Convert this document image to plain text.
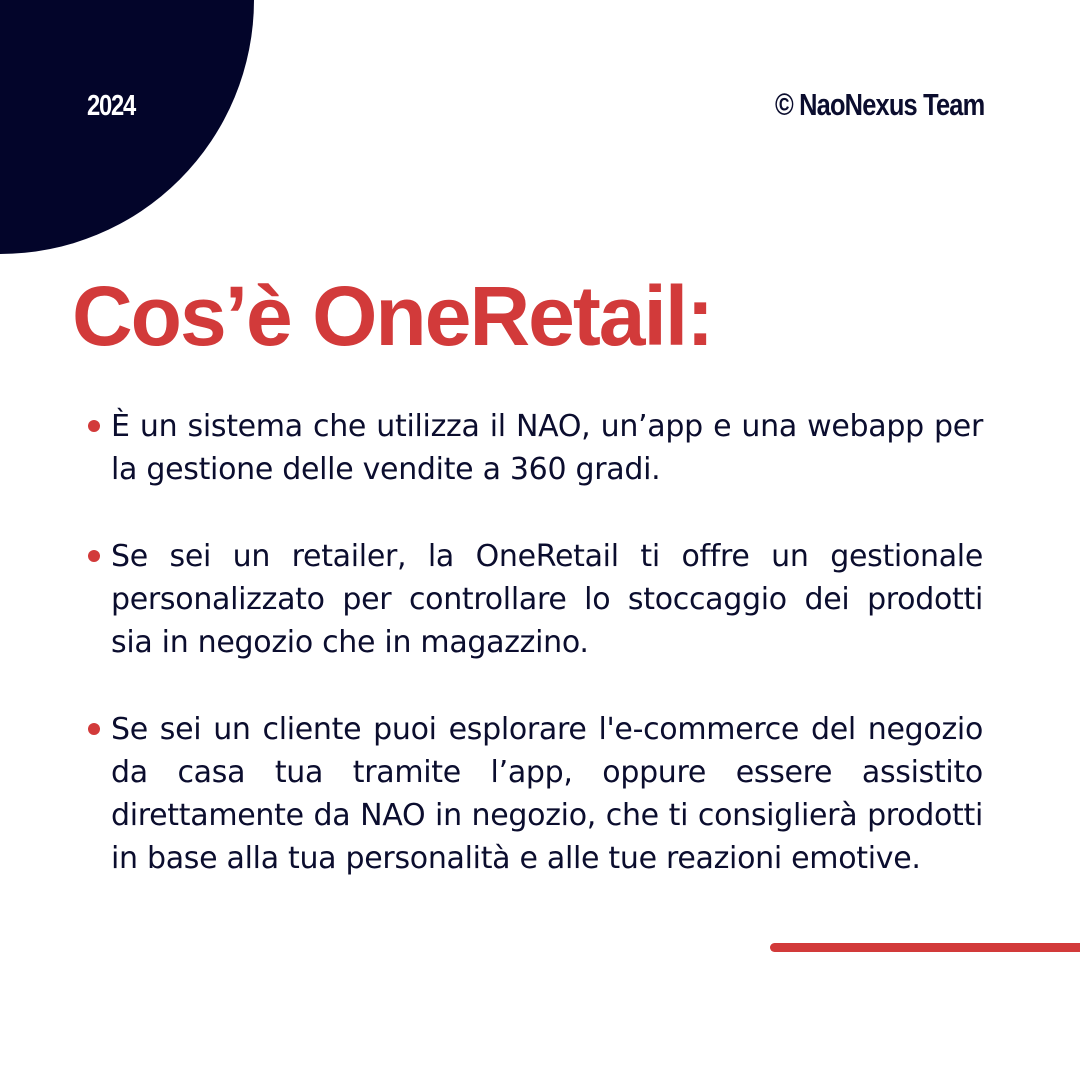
2024	© NaoNexus Team
Cos’è OneRetail:
È un sistema che utilizza il NAO, un’app e una webapp per la gestione delle vendite a 360 gradi.
Se sei un retailer, la OneRetail ti offre un gestionale personalizzato per controllare lo stoccaggio dei prodotti sia in negozio che in magazzino.
Se sei un cliente puoi esplorare l'e-commerce del negozio da casa tua tramite l’app, oppure essere assistito direttamente da NAO in negozio, che ti consiglierà prodotti in base alla tua personalità e alle tue reazioni emotive.
